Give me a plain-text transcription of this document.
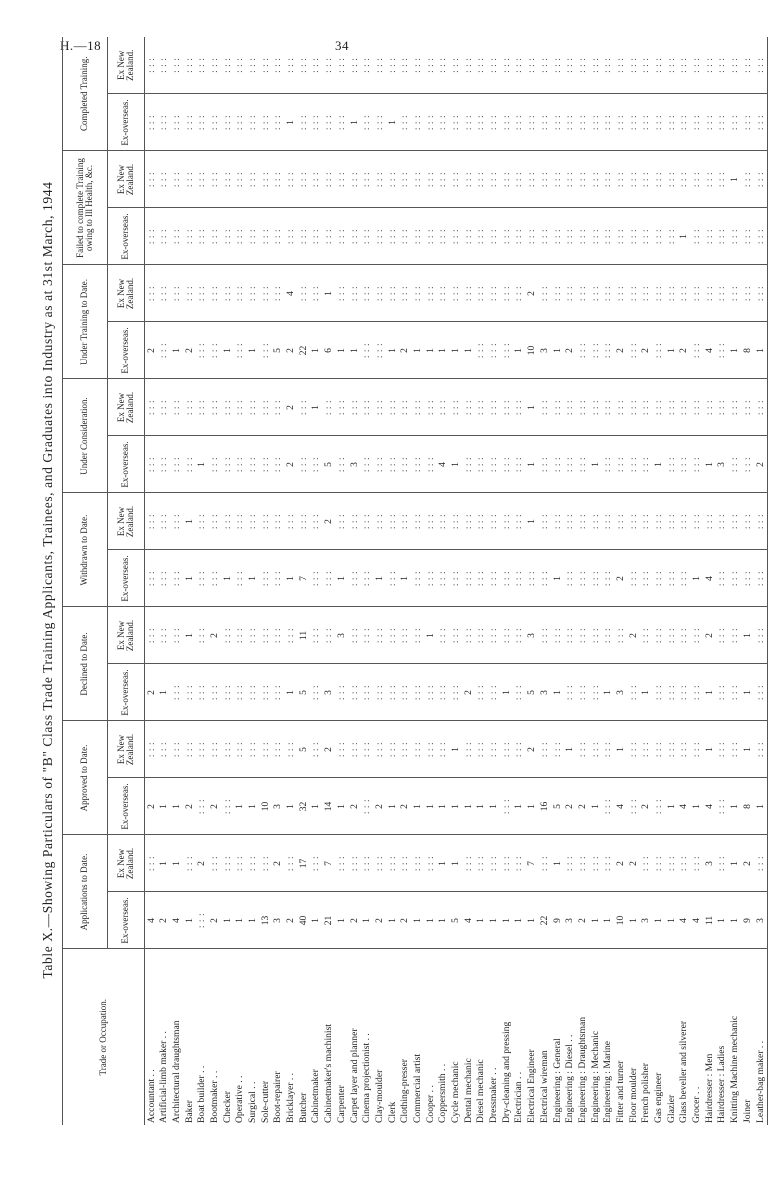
H.—18	34
Table X.—Showing Particulars of "B" Class Trade Training Applicants, Trainees, and Graduates into Industry as at 31st March, 1944
Trade or Occupation.	Applications to Date.		Approved to Date.		Declined to Date.		Withdrawn to Date.		Under Consideration.		Under Training to Date.		Failed to complete Training owing to Ill Health, &c.		Completed Training.	
	Ex-overseas.	Ex New Zealand.	Ex-overseas.	Ex New Zealand.	Ex-overseas.	Ex New Zealand.	Ex-overseas.	Ex New Zealand.	Ex-overseas.	Ex New Zealand.	Ex-overseas.	Ex New Zealand.	Ex-overseas.	Ex New Zealand.	Ex-overseas.	Ex New Zealand.
Accountant . .	4	: : :	2	: : :	2	: : :	: : :	: : :	: : :	: : :	2	: : :	: : :	: : :	: : :	: : :
Artificial-limb maker . .	2	1	1	: : :	1	: : :	: : :	: : :	: : :	: : :	: : :	: : :	: : :	: : :	: : :	: : :
Architectural draughtsman	4	1	1	: : :	: : :	: : :	: : :	: : :	: : :	: : :	1	: : :	: : :	: : :	: : :	: : :
Baker	1	: : :	2	: : :	: : :	1	1	1	: : :	: : :	2	: : :	: : :	: : :	: : :	: : :
Boat builder . .	: : :	2	: : :	: : :	: : :	: : :	: : :	: : :	1	: : :	: : :	: : :	: : :	: : :	: : :	: : :
Bootmaker . .	2	: : :	2	: : :	: : :	2	: : :	: : :	: : :	: : :	: : :	: : :	: : :	: : :	: : :	: : :
Checker	1	: : :	: : :	: : :	: : :	: : :	1	: : :	: : :	: : :	1	: : :	: : :	: : :	: : :	: : :
Operative . .	1	: : :	1	: : :	: : :	: : :	: : :	: : :	: : :	: : :	: : :	: : :	: : :	: : :	: : :	: : :
Surgical . .	1	: : :	1	: : :	: : :	: : :	1	: : :	: : :	: : :	1	: : :	: : :	: : :	: : :	: : :
Sole-cutter	13	: : :	10	: : :	: : :	: : :	: : :	: : :	: : :	: : :	: : :	: : :	: : :	: : :	: : :	: : :
Boot-repairer	3	2	3	: : :	: : :	: : :	: : :	: : :	: : :	: : :	5	: : :	: : :	: : :	: : :	: : :
Bricklayer . .	2	: : :	1	: : :	1	: : :	1	: : :	2	2	2	4	: : :	: : :	1	: : :
Butcher	40	17	32	5	5	11	7	: : :	: : :	: : :	22	: : :	: : :	: : :	: : :	: : :
Cabinetmaker	1	: : :	1	: : :	: : :	: : :	: : :	: : :	: : :	1	1	: : :	: : :	: : :	: : :	: : :
Cabinetmaker's machinist	21	7	14	2	3	: : :	: : :	2	5	: : :	6	1	: : :	: : :	: : :	: : :
Carpenter	1	: : :	1	: : :	: : :	3	1	: : :	: : :	: : :	1	: : :	: : :	: : :	: : :	: : :
Carpet layer and planner	2	: : :	2	: : :	: : :	: : :	: : :	: : :	3	: : :	1	: : :	: : :	: : :	1	: : :
Cinema projectionist . .	1	: : :	: : :	: : :	: : :	: : :	: : :	: : :	: : :	: : :	: : :	: : :	: : :	: : :	: : :	: : :
Clay-moulder	2	: : :	2	: : :	: : :	: : :	1	: : :	: : :	: : :	: : :	: : :	: : :	: : :	: : :	: : :
Clerk	1	: : :	1	: : :	: : :	: : :	: : :	: : :	: : :	: : :	1	: : :	: : :	: : :	1	: : :
Clothing-presser	2	: : :	2	: : :	: : :	: : :	1	: : :	: : :	: : :	2	: : :	: : :	: : :	: : :	: : :
Commercial artist	1	: : :	1	: : :	: : :	: : :	: : :	: : :	: : :	: : :	1	: : :	: : :	: : :	: : :	: : :
Cooper . .	1	: : :	1	: : :	: : :	1	: : :	: : :	: : :	: : :	1	: : :	: : :	: : :	: : :	: : :
Coppersmith . .	1	1	1	: : :	: : :	: : :	: : :	: : :	4	: : :	1	: : :	: : :	: : :	: : :	: : :
Cycle mechanic	5	1	1	1	: : :	: : :	: : :	: : :	1	: : :	1	: : :	: : :	: : :	: : :	: : :
Dental mechanic	4	: : :	1	: : :	2	: : :	: : :	: : :	: : :	: : :	1	: : :	: : :	: : :	: : :	: : :
Diesel mechanic	1	: : :	1	: : :	: : :	: : :	: : :	: : :	: : :	: : :	: : :	: : :	: : :	: : :	: : :	: : :
Dressmaker . .	1	: : :	1	: : :	: : :	: : :	: : :	: : :	: : :	: : :	: : :	: : :	: : :	: : :	: : :	: : :
Dry-cleaning and pressing	1	: : :	: : :	: : :	1	: : :	: : :	: : :	: : :	: : :	: : :	: : :	: : :	: : :	: : :	: : :
Electrician . .	1	: : :	1	: : :	: : :	: : :	: : :	: : :	: : :	: : :	1	: : :	: : :	: : :	: : :	: : :
Electrical Engineer	1	7	1	2	5	3	: : :	1	1	1	10	2	: : :	: : :	: : :	: : :
Electrical wireman	22	: : :	16	: : :	3	: : :	: : :	: : :	: : :	: : :	3	: : :	: : :	: : :	: : :	: : :
Engineering : General	9	1	5	: : :	1	: : :	1	: : :	: : :	: : :	1	: : :	: : :	: : :	: : :	: : :
Engineering : Diesel . .	3	: : :	2	1	: : :	: : :	: : :	: : :	: : :	: : :	2	: : :	: : :	: : :	: : :	: : :
Engineering : Draughtsman	2	: : :	2	: : :	: : :	: : :	: : :	: : :	: : :	: : :	: : :	: : :	: : :	: : :	: : :	: : :
Engineering : Mechanic	1	: : :	1	: : :	: : :	: : :	: : :	: : :	1	: : :	: : :	: : :	: : :	: : :	: : :	: : :
Engineering : Marine	1	: : :	: : :	: : :	1	: : :	: : :	: : :	: : :	: : :	: : :	: : :	: : :	: : :	: : :	: : :
Fitter and turner	10	2	4	1	3	: : :	2	: : :	: : :	: : :	2	: : :	: : :	: : :	: : :	: : :
Floor moulder	1	2	: : :	: : :	: : :	2	: : :	: : :	: : :	: : :	: : :	: : :	: : :	: : :	: : :	: : :
French polisher	3	: : :	2	: : :	1	: : :	: : :	: : :	: : :	: : :	2	: : :	: : :	: : :	: : :	: : :
Gas engineer	1	: : :	: : :	: : :	: : :	: : :	: : :	: : :	1	: : :	: : :	: : :	: : :	: : :	: : :	: : :
Glazier	1	: : :	1	: : :	: : :	: : :	: : :	: : :	: : :	: : :	1	: : :	: : :	: : :	: : :	: : :
Glass beveller and silverer	4	: : :	4	: : :	: : :	: : :	: : :	: : :	: : :	: : :	2	: : :	1	: : :	: : :	: : :
Grocer . .	4	: : :	1	: : :	: : :	: : :	1	: : :	: : :	: : :	: : :	: : :	: : :	: : :	: : :	: : :
Hairdresser : Men	11	3	4	1	1	2	4	: : :	1	: : :	4	: : :	: : :	: : :	: : :	: : :
Hairdresser : Ladies	1	: : :	: : :	: : :	: : :	: : :	: : :	: : :	3	: : :	: : :	: : :	: : :	: : :	: : :	: : :
Knitting Machine mechanic	1	1	1	: : :	: : :	: : :	: : :	: : :	: : :	: : :	1	: : :	: : :	1	: : :	: : :
Joiner	9	2	8	1	1	1	: : :	: : :	: : :	: : :	8	: : :	: : :	: : :	: : :	: : :
Leather-bag maker . .	3	: : :	1	: : :	: : :	: : :	: : :	: : :	2	: : :	1	: : :	: : :	: : :	: : :	: : :
